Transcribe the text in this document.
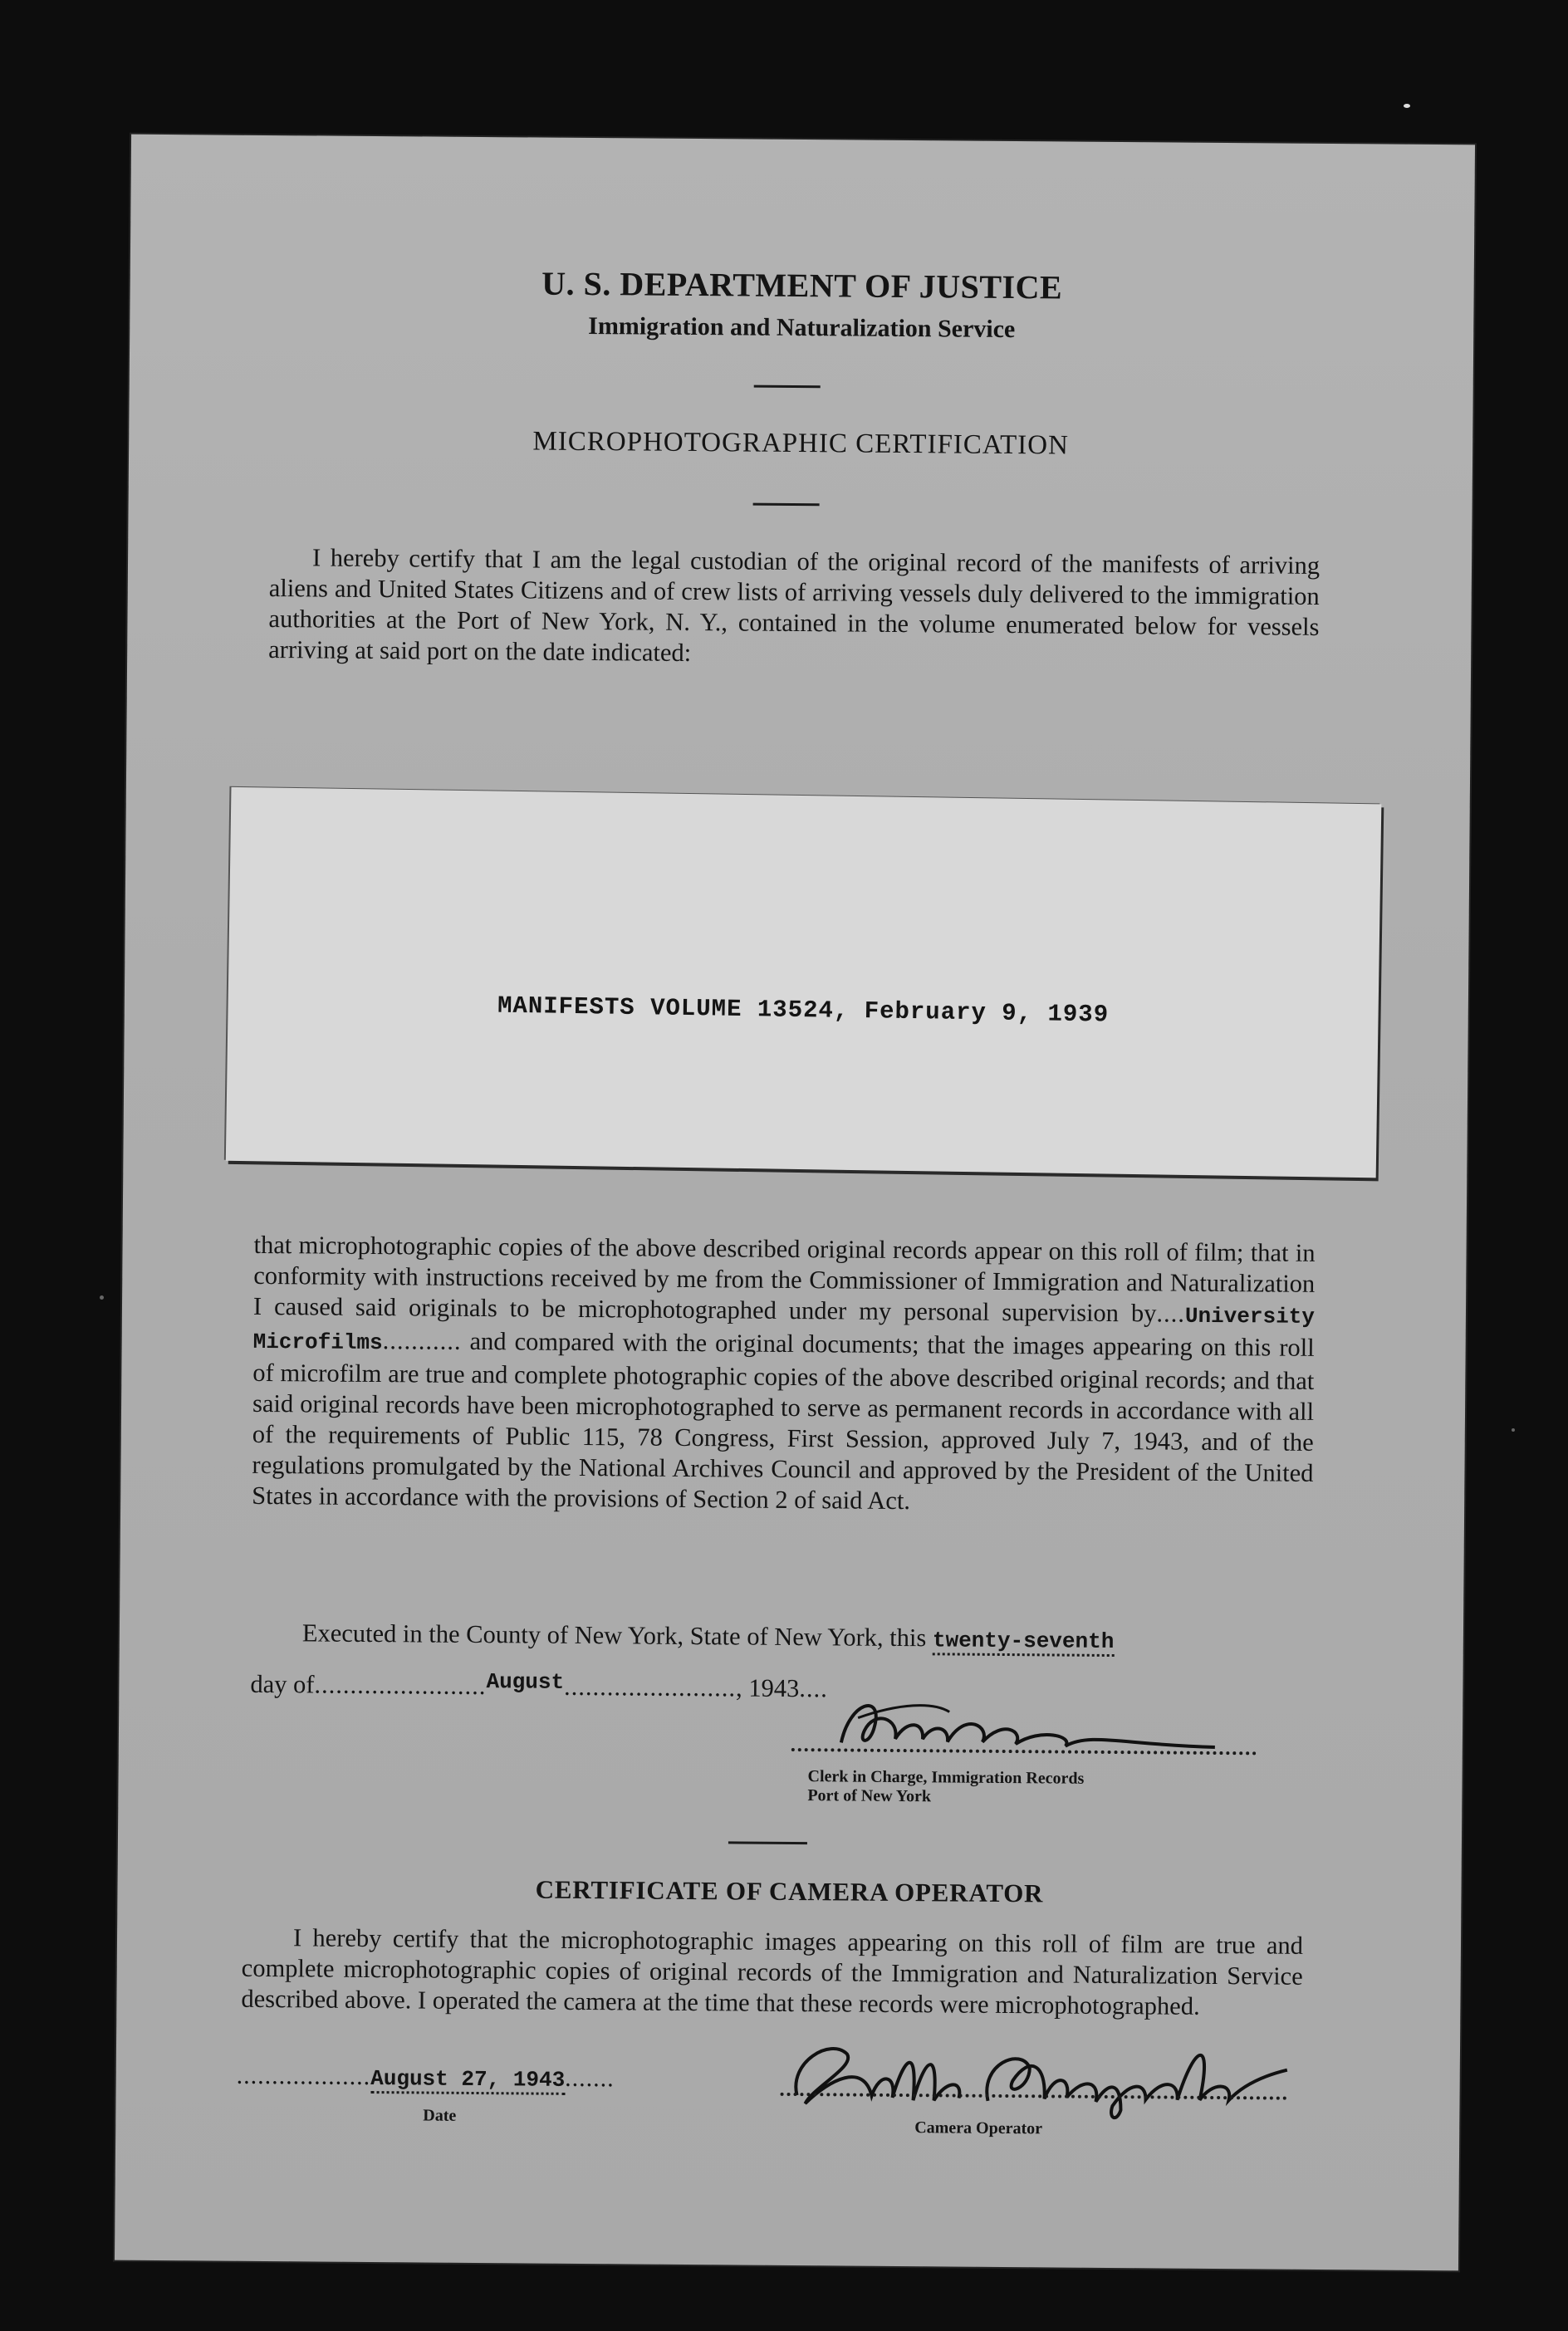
U. S. DEPARTMENT OF JUSTICE
Immigration and Naturalization Service
MICROPHOTOGRAPHIC CERTIFICATION
I hereby certify that I am the legal custodian of the original record of the manifests of arriving aliens and United States Citizens and of crew lists of arriving vessels duly delivered to the immigration authorities at the Port of New York, N. Y., contained in the volume enumerated below for vessels arriving at said port on the date indicated:
MANIFESTS VOLUME 13524, February 9, 1939
that microphotographic copies of the above described original records appear on this roll of film; that in conformity with instructions received by me from the Commissioner of Immigration and Naturalization I caused said originals to be microphotographed under my personal supervision by....University Microfilms........... and compared with the original documents; that the images appearing on this roll of microfilm are true and complete photographic copies of the above described original records; and that said original records have been microphotographed to serve as permanent records in accordance with all of the requirements of Public 115, 78 Congress, First Session, approved July 7, 1943, and of the regulations promulgated by the National Archives Council and approved by the President of the United States in accordance with the provisions of Section 2 of said Act.
Executed in the County of New York, State of New York, this twenty-seventh
day of........................August........................, 1943....
Clerk in Charge, Immigration Records
Port of New York
CERTIFICATE OF CAMERA OPERATOR
I hereby certify that the microphotographic images appearing on this roll of film are true and complete microphotographic copies of original records of the Immigration and Naturalization Service described above. I operated the camera at the time that these records were microphotographed.
...................August 27, 1943.......
Date
Camera Operator
